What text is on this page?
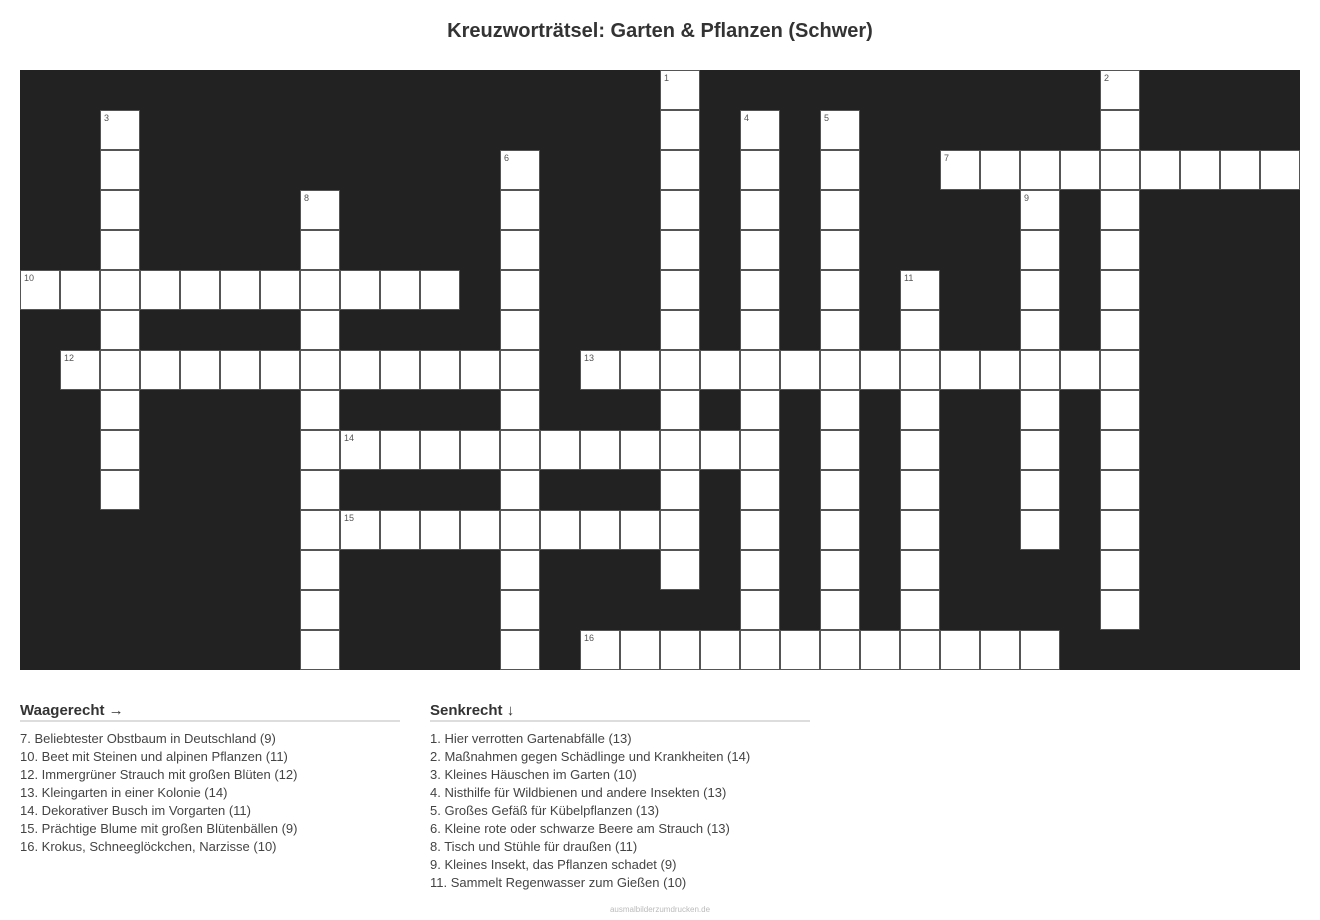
Kreuzworträtsel: Garten & Pflanzen (Schwer)
1	2
3	4	5
6	7
8	9
10	11
12	13
14
15
16
Waagerecht →
7. Beliebtester Obstbaum in Deutschland (9)
10. Beet mit Steinen und alpinen Pflanzen (11)
12. Immergrüner Strauch mit großen Blüten (12)
13. Kleingarten in einer Kolonie (14)
14. Dekorativer Busch im Vorgarten (11)
15. Prächtige Blume mit großen Blütenbällen (9)
16. Krokus, Schneeglöckchen, Narzisse (10)
Senkrecht ↓
1. Hier verrotten Gartenabfälle (13)
2. Maßnahmen gegen Schädlinge und Krankheiten (14)
3. Kleines Häuschen im Garten (10)
4. Nisthilfe für Wildbienen und andere Insekten (13)
5. Großes Gefäß für Kübelpflanzen (13)
6. Kleine rote oder schwarze Beere am Strauch (13)
8. Tisch und Stühle für draußen (11)
9. Kleines Insekt, das Pflanzen schadet (9)
11. Sammelt Regenwasser zum Gießen (10)
ausmalbilderzumdrucken.de
